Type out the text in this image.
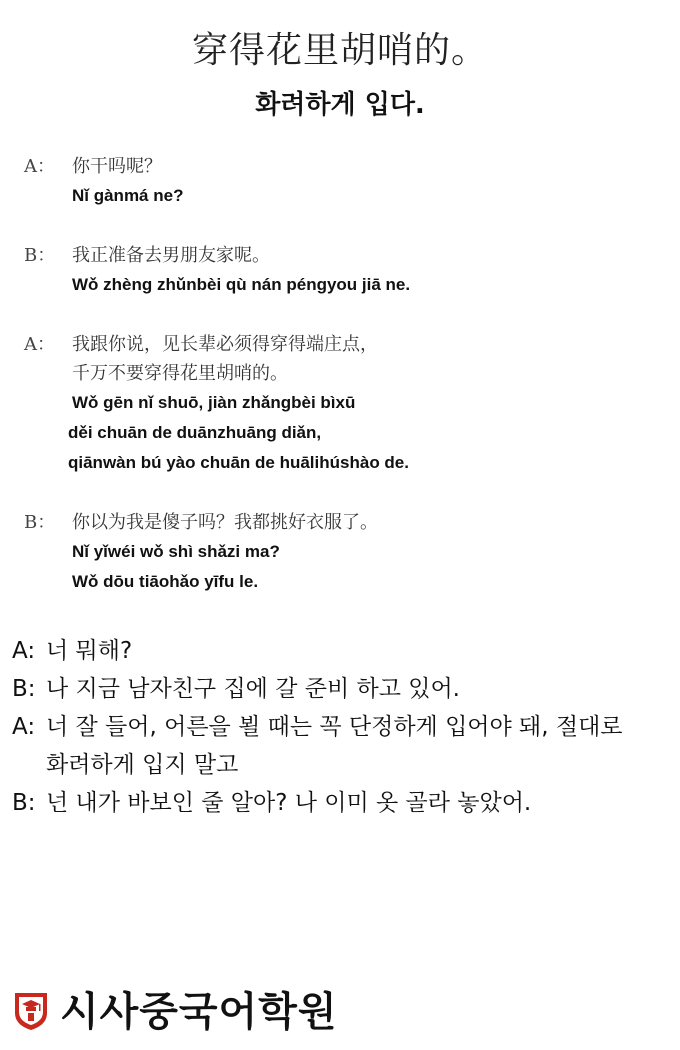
穿得花里胡哨的。
화려하게 입다.
A： 你干吗呢？
Nǐ gànmá ne?
B： 我正准备去男朋友家呢。
Wǒ zhèng zhǔnbèi qù nán péngyou jiā ne.
A： 我跟你说，见长辈必须得穿得端庄点，
千万不要穿得花里胡哨的。
Wǒ gēn nǐ shuō, jiàn zhǎngbèi bìxū
děi chuān de duānzhuāng diǎn,
qiānwàn bú yào chuān de huālihúshào de.
B： 你以为我是傻子吗？我都挑好衣服了。
Nǐ yǐwéi wǒ shì shǎzi ma?
Wǒ dōu tiāohǎo yīfu le.
A: 너 뭐해?
B: 나 지금 남자친구 집에 갈 준비 하고 있어.
A: 너 잘 들어, 어른을 뵐 때는 꼭 단정하게 입어야 돼, 절대로
화려하게 입지 말고
B: 넌 내가 바보인 줄 알아? 나 이미 옷 골라 놓았어.
시사중국어학원
